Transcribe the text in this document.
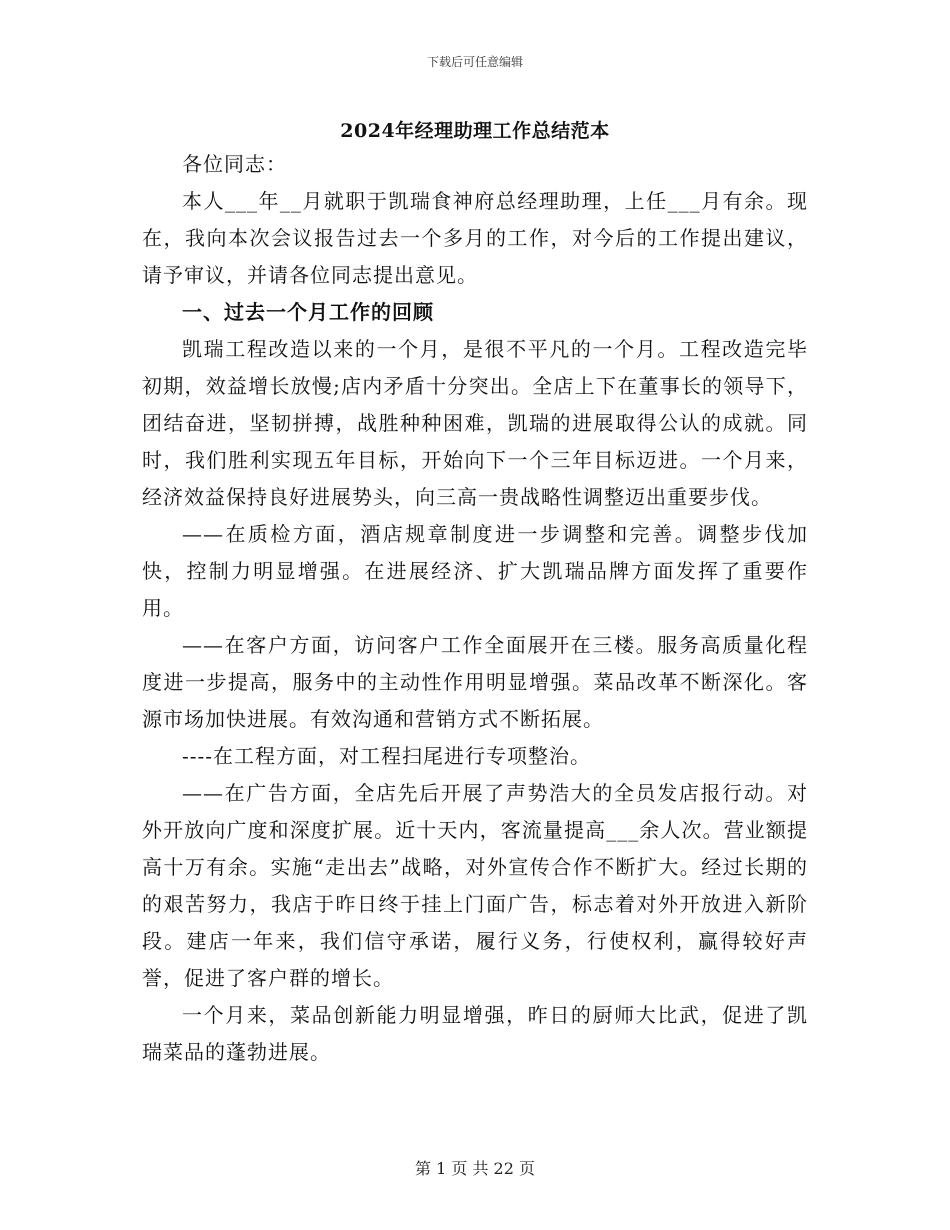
下载后可任意编辑
2024年经理助理工作总结范本

各位同志：

本人___年__月就职于凯瑞食神府总经理助理，上任___月有余。现在，我向本次会议报告过去一个多月的工作，对今后的工作提出建议，请予审议，并请各位同志提出意见。

一、过去一个月工作的回顾

凯瑞工程改造以来的一个月，是很不平凡的一个月。工程改造完毕初期，效益增长放慢;店内矛盾十分突出。全店上下在董事长的领导下，团结奋进，坚韧拼搏，战胜种种困难，凯瑞的进展取得公认的成就。同时，我们胜利实现五年目标，开始向下一个三年目标迈进。一个月来，经济效益保持良好进展势头，向三高一贵战略性调整迈出重要步伐。

——在质检方面，酒店规章制度进一步调整和完善。调整步伐加快，控制力明显增强。在进展经济、扩大凯瑞品牌方面发挥了重要作用。

——在客户方面，访问客户工作全面展开在三楼。服务高质量化程度进一步提高，服务中的主动性作用明显增强。菜品改革不断深化。客源市场加快进展。有效沟通和营销方式不断拓展。

----在工程方面，对工程扫尾进行专项整治。

——在广告方面，全店先后开展了声势浩大的全员发店报行动。对外开放向广度和深度扩展。近十天内，客流量提高___余人次。营业额提高十万有余。实施“走出去”战略，对外宣传合作不断扩大。经过长期的的艰苦努力，我店于昨日终于挂上门面广告，标志着对外开放进入新阶段。建店一年来，我们信守承诺，履行义务，行使权利，赢得较好声誉，促进了客户群的增长。

一个月来，菜品创新能力明显增强，昨日的厨师大比武，促进了凯瑞菜品的蓬勃进展。

第 1 页 共 22 页
